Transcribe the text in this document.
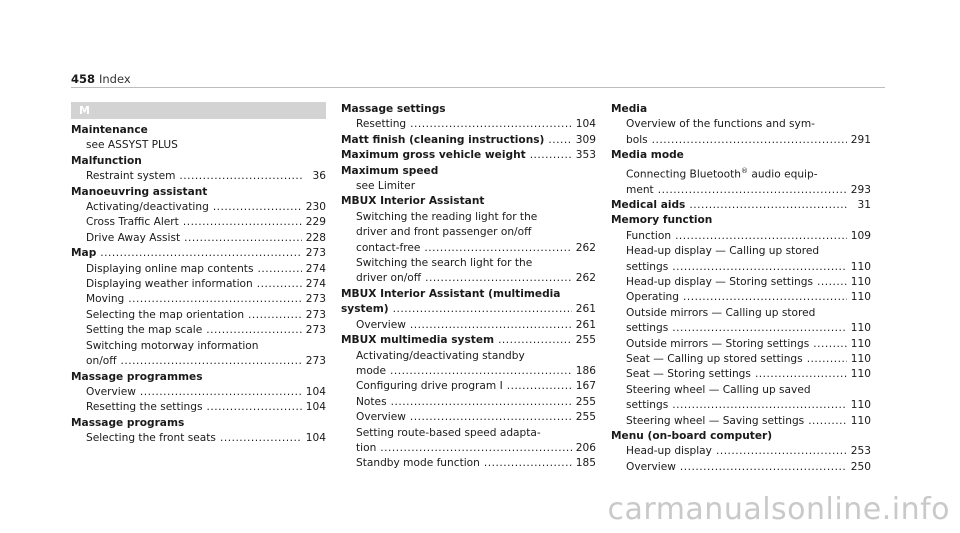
458 Index
M
Maintenance
see ASSYST PLUS
Malfunction
Restraint system .....	36
Manoeuvring assistant
Activating/deactivating .....	230
Cross Traffic Alert .....	229
Drive Away Assist .....	228
Map .....	273
Displaying online map contents .....	274
Displaying weather information .....	274
Moving .....	273
Selecting the map orientation .....	273
Setting the map scale .....	273
Switching motorway information
on/off .....	273
Massage programmes
Overview .....	104
Resetting the settings .....	104
Massage programs
Selecting the front seats .....	104
Massage settings
Resetting .....	104
Matt finish (cleaning instructions) .....	309
Maximum gross vehicle weight .....	353
Maximum speed
see Limiter
MBUX Interior Assistant
Switching the reading light for the
driver and front passenger on/off
contact-free .....	262
Switching the search light for the
driver on/off .....	262
MBUX Interior Assistant (multimedia
system) .....	261
Overview .....	261
MBUX multimedia system .....	255
Activating/deactivating standby
mode .....	186
Configuring drive program I .....	167
Notes .....	255
Overview .....	255
Setting route-based speed adapta-
tion .....	206
Standby mode function .....	185
Media
Overview of the functions and sym-
bols .....	291
Media mode
Connecting Bluetooth® audio equip-
ment .....	293
Medical aids .....	31
Memory function
Function .....	109
Head-up display — Calling up stored
settings .....	110
Head-up display — Storing settings .....	110
Operating .....	110
Outside mirrors — Calling up stored
settings .....	110
Outside mirrors — Storing settings .....	110
Seat — Calling up stored settings .....	110
Seat — Storing settings .....	110
Steering wheel — Calling up saved
settings .....	110
Steering wheel — Saving settings .....	110
Menu (on-board computer)
Head-up display .....	253
Overview .....	250
carmanualsonline.info
